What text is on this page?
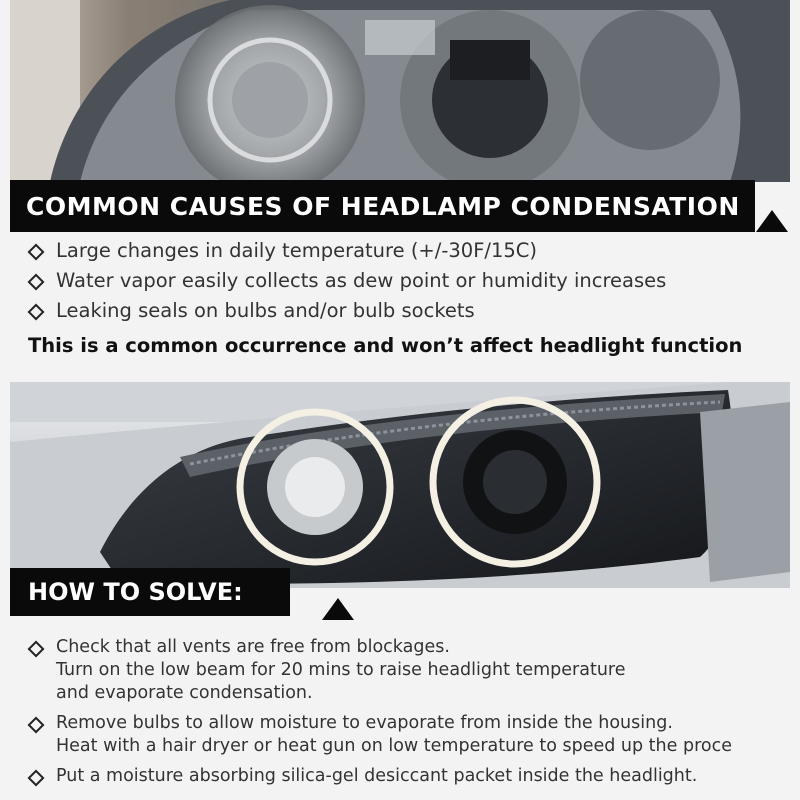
COMMON CAUSES OF HEADLAMP CONDENSATION
Large changes in daily temperature (+/-30F/15C)
Water vapor easily collects as dew point or humidity increases
Leaking seals on bulbs and/or bulb sockets
This is a common occurrence and won’t affect headlight function
HOW TO SOLVE:
Check that all vents are free from blockages.
Turn on the low beam for 20 mins to raise headlight temperature
and evaporate condensation.
Remove bulbs to allow moisture to evaporate from inside the housing.
Heat with a hair dryer or heat gun on low temperature to speed up the proce
Put a moisture absorbing silica-gel desiccant packet inside the headlight.
